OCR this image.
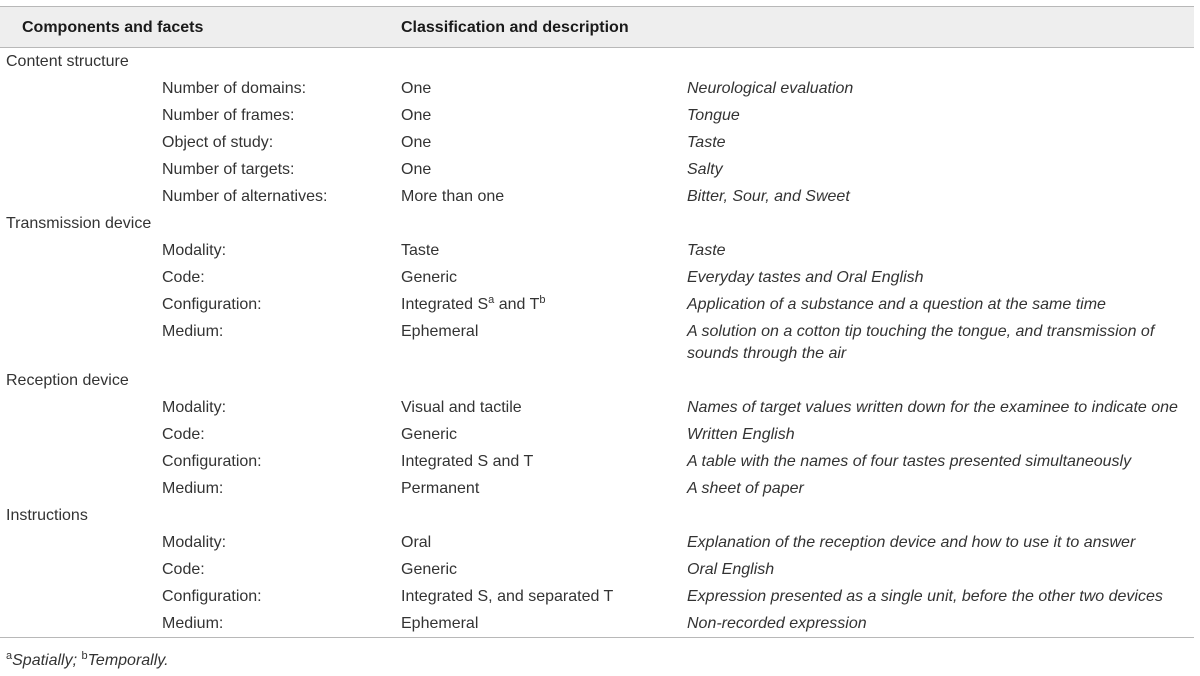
Components and facets	Classification and description
Content structure
Number of domains:	One	Neurological evaluation
Number of frames:	One	Tongue
Object of study:	One	Taste
Number of targets:	One	Salty
Number of alternatives:	More than one	Bitter, Sour, and Sweet
Transmission device
Modality:	Taste	Taste
Code:	Generic	Everyday tastes and Oral English
Configuration:	Integrated $S^a$ and $T^b$	Application of a substance and a question at the same time
Medium:	Ephemeral	A solution on a cotton tip touching the tongue, and transmission of sounds through the air
Reception device
Modality:	Visual and tactile	Names of target values written down for the examinee to indicate one
Code:	Generic	Written English
Configuration:	Integrated S and T	A table with the names of four tastes presented simultaneously
Medium:	Permanent	A sheet of paper
Instructions
Modality:	Oral	Explanation of the reception device and how to use it to answer
Code:	Generic	Oral English
Configuration:	Integrated S, and separated T	Expression presented as a single unit, before the other two devices
Medium:	Ephemeral	Non-recorded expression
$^a$Spatially; $^b$Temporally.
